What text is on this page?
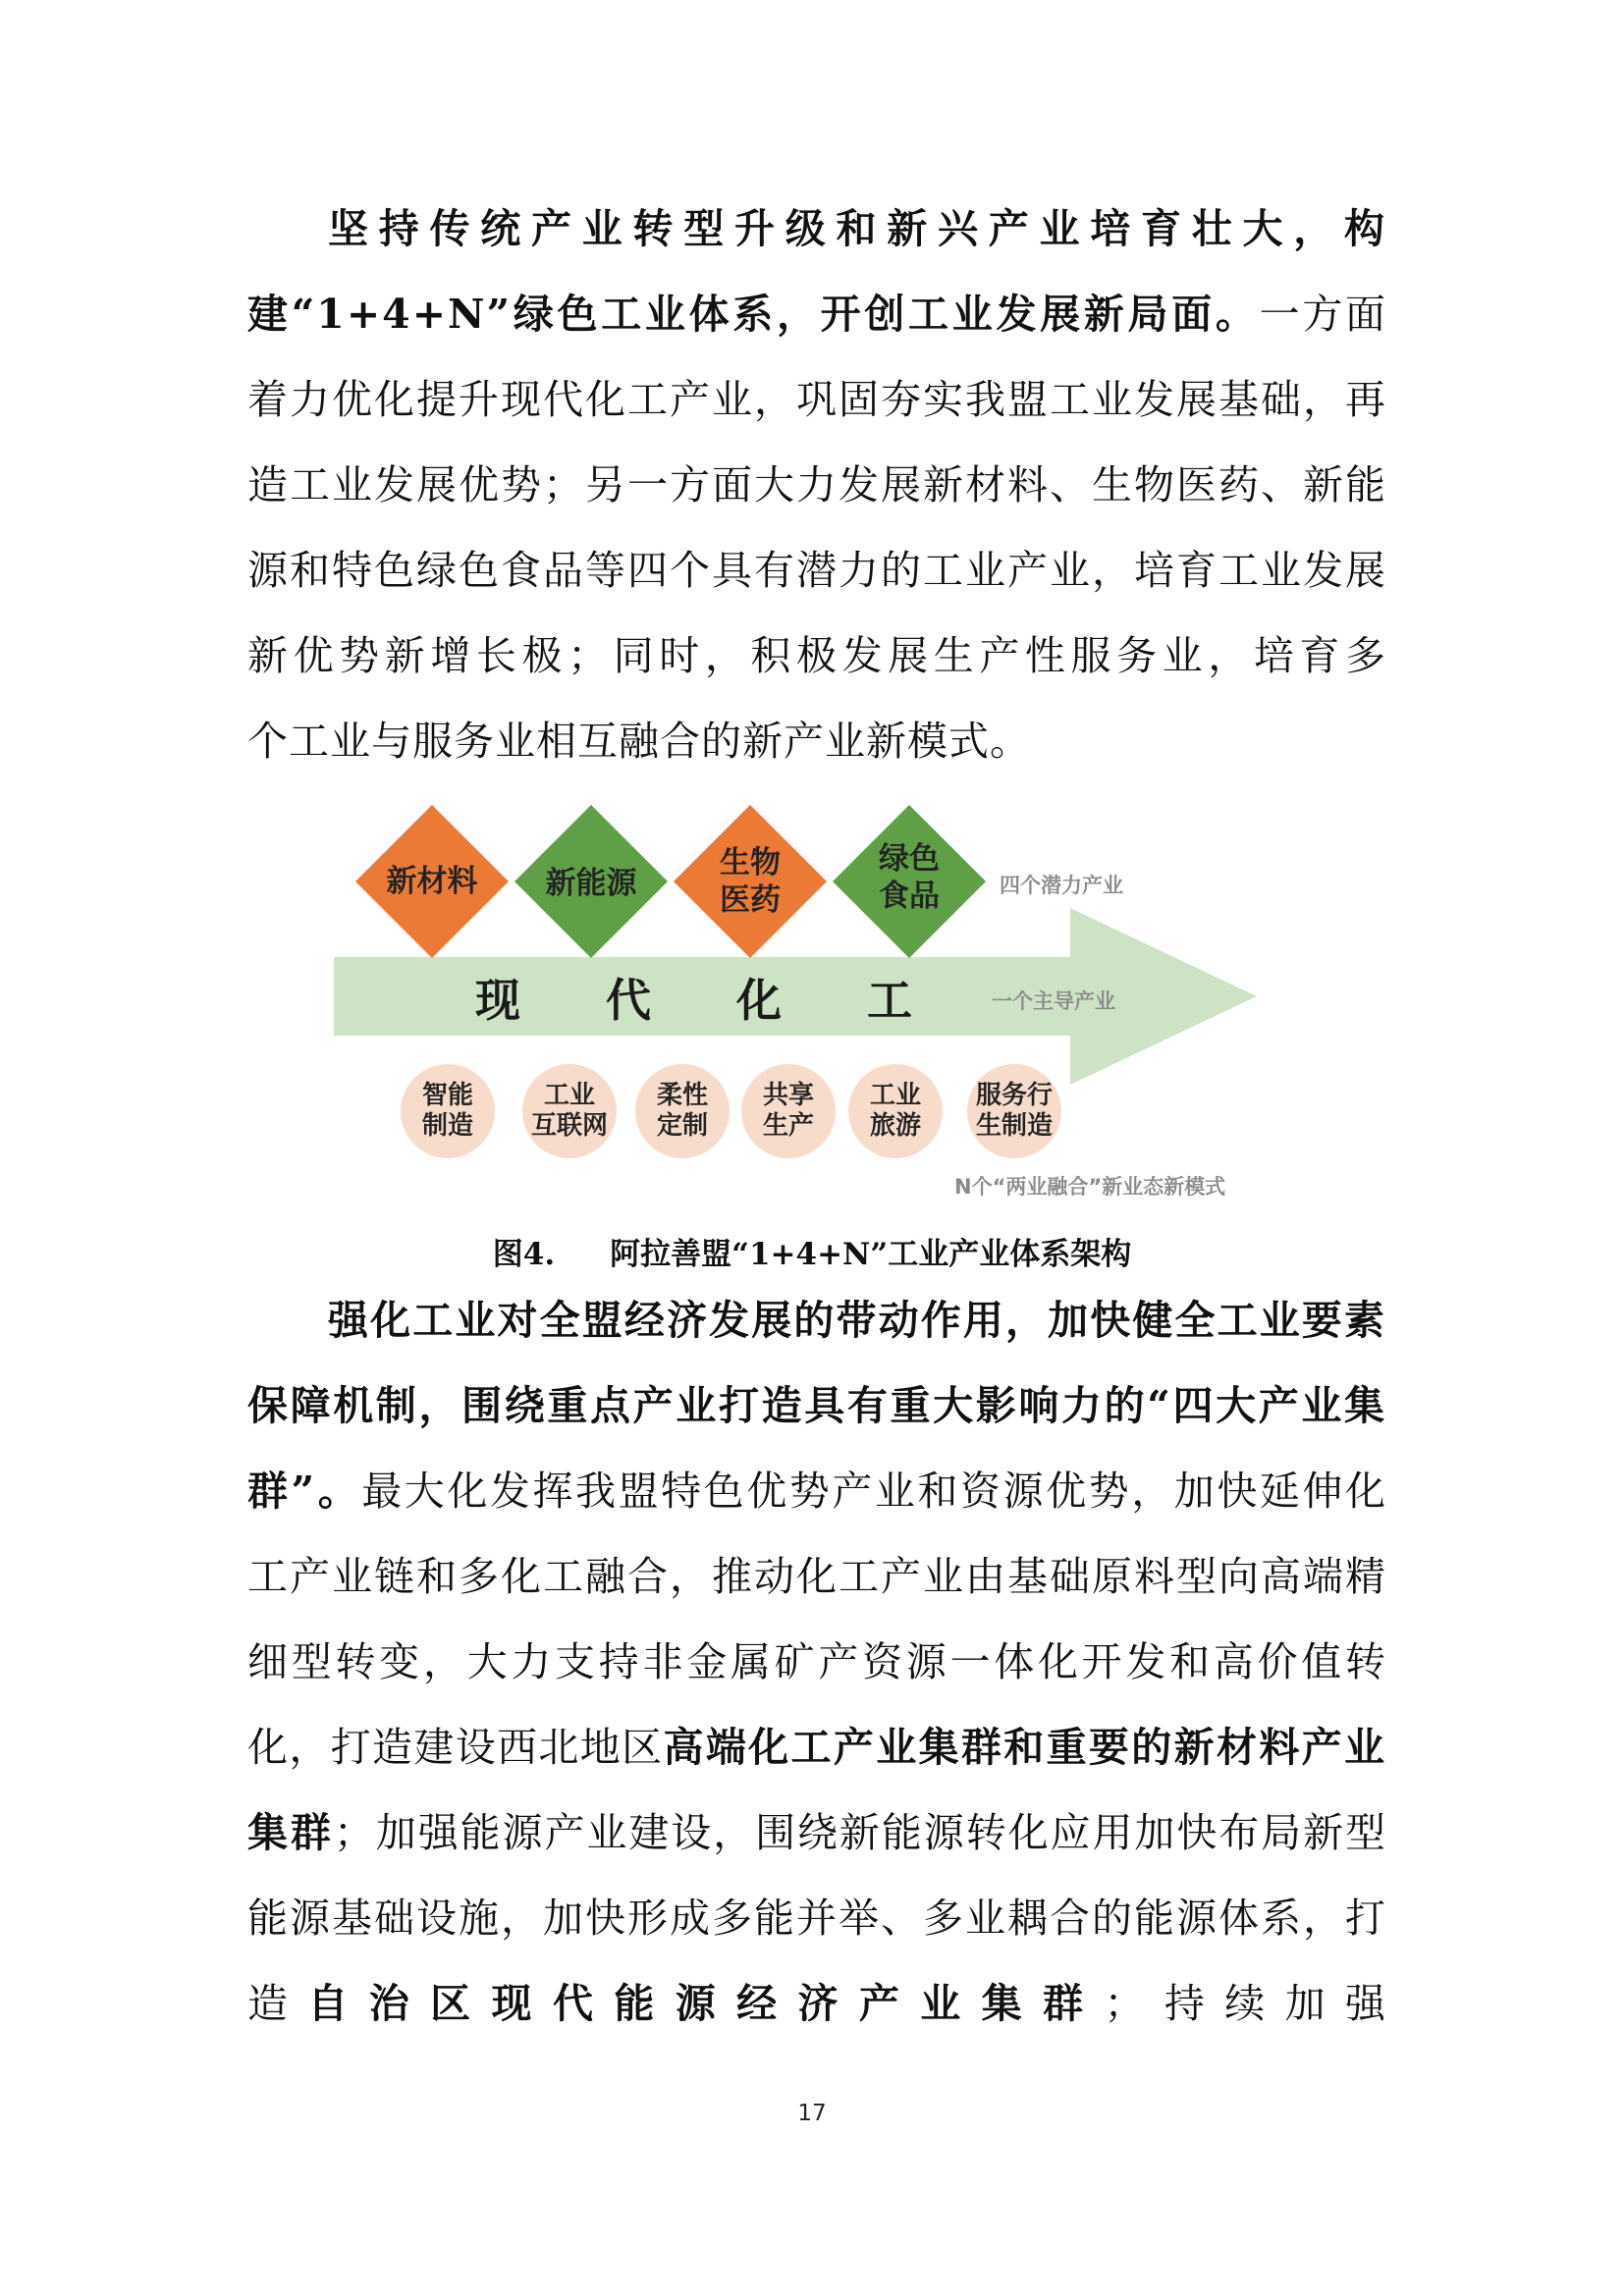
坚持传统产业转型升级和新兴产业培育壮大，构建“1+4+N”绿色工业体系，开创工业发展新局面。一方面着力优化提升现代化工产业，巩固夯实我盟工业发展基础，再造工业发展优势；另一方面大力发展新材料、生物医药、新能源和特色绿色食品等四个具有潜力的工业产业，培育工业发展新优势新增长极；同时，积极发展生产性服务业，培育多
个工业与服务业相互融合的新产业新模式。

新材料	新能源
生物
医药
绿色
食品	四个潜力产业
现 代 化 工	一个主导产业
智能
制造
工业
互联网
柔性
定制
共享
生产
工业
旅游
服务行
生制造
N个“两业融合”新业态新模式
图4. 阿拉善盟“1+4+N”工业产业体系架构

强化工业对全盟经济发展的带动作用，加快健全工业要素保障机制，围绕重点产业打造具有重大影响力的“四大产业集群”。最大化发挥我盟特色优势产业和资源优势，加快延伸化工产业链和多化工融合，推动化工产业由基础原料型向高端精细型转变，大力支持非金属矿产资源一体化开发和高价值转化，打造建设西北地区高端化工产业集群和重要的新材料产业集群；加强能源产业建设，围绕新能源转化应用加快布局新型能源基础设施，加快形成多能并举、多业耦合的能源体系，打造自治区现代能源经济产业集群；持续加强

17
